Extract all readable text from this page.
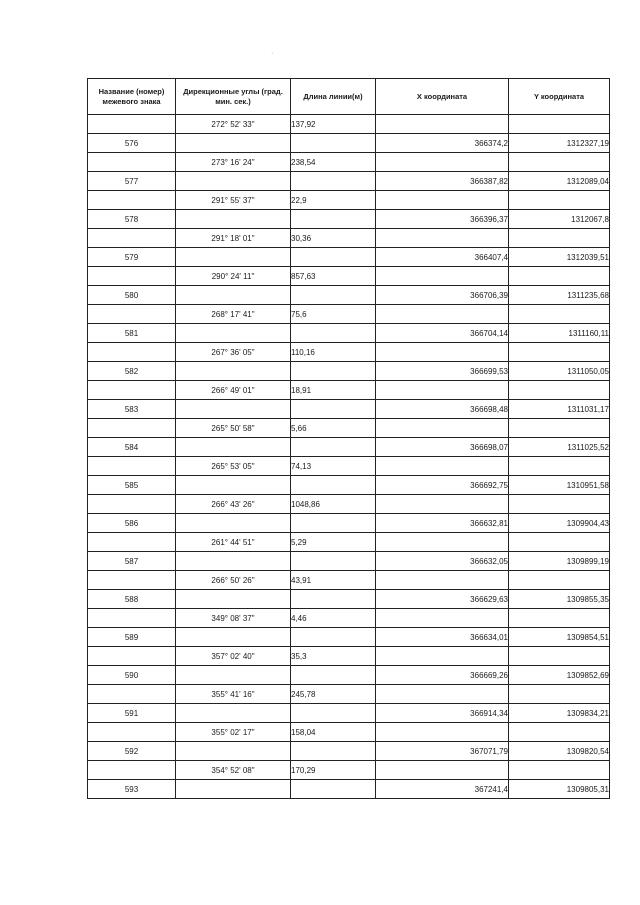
·
Название (номер) межевого знака	Дирекционные углы (град. мин. сек.)	Длина линии(м)	X координата	Y координата
	272° 52' 33"	137,92		
576			366374,2	1312327,19
	273° 16' 24"	238,54		
577			366387,82	1312089,04
	291° 55' 37"	22,9		
578			366396,37	1312067,8
	291° 18' 01"	30,36		
579			366407,4	1312039,51
	290° 24' 11"	857,63		
580			366706,39	1311235,68
	268° 17' 41"	75,6		
581			366704,14	1311160,11
	267° 36' 05"	110,16		
582			366699,53	1311050,05
	266° 49' 01"	18,91		
583			366698,48	1311031,17
	265° 50' 58"	5,66		
584			366698,07	1311025,52
	265° 53' 05"	74,13		
585			366692,75	1310951,58
	266° 43' 26"	1048,86		
586			366632,81	1309904,43
	261° 44' 51"	5,29		
587			366632,05	1309899,19
	266° 50' 26"	43,91		
588			366629,63	1309855,35
	349° 08' 37"	4,46		
589			366634,01	1309854,51
	357° 02' 40"	35,3		
590			366669,26	1309852,69
	355° 41' 16"	245,78		
591			366914,34	1309834,21
	355° 02' 17"	158,04		
592			367071,79	1309820,54
	354° 52' 08"	170,29		
593			367241,4	1309805,31
